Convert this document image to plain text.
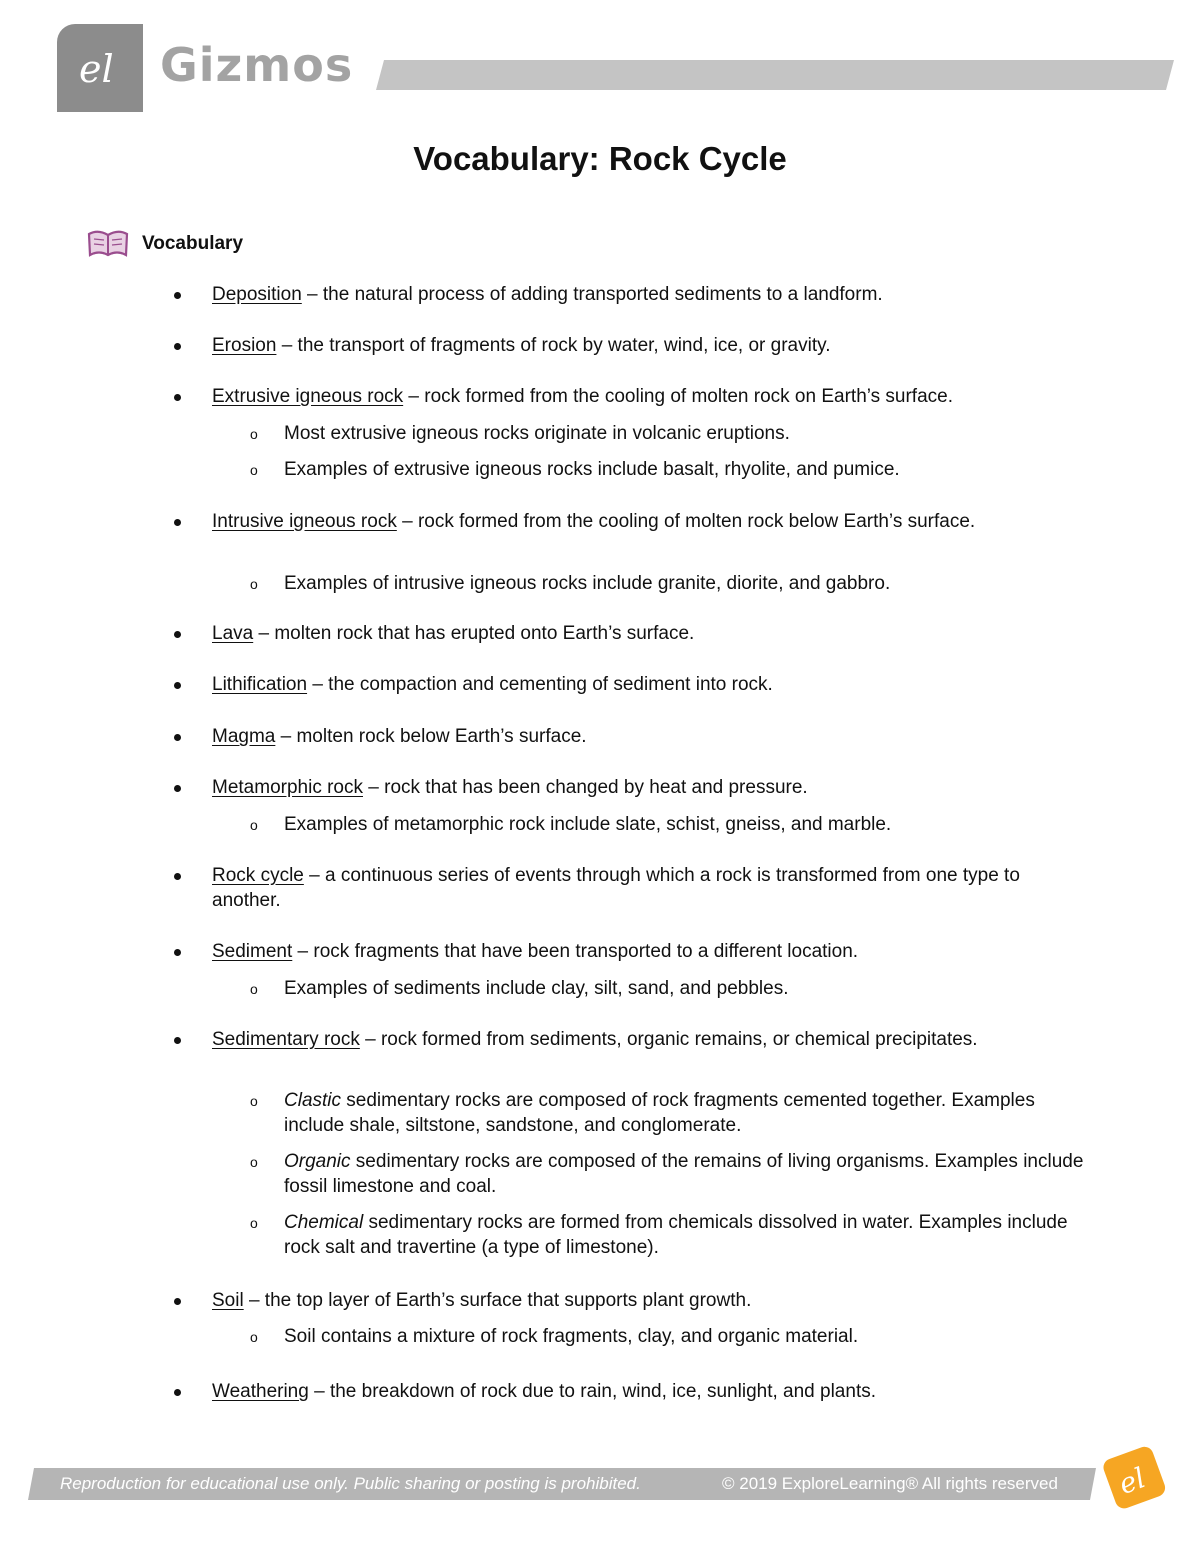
el Gizmos
Vocabulary: Rock Cycle
Vocabulary
Deposition – the natural process of adding transported sediments to a landform.
Erosion – the transport of fragments of rock by water, wind, ice, or gravity.
Extrusive igneous rock – rock formed from the cooling of molten rock on Earth’s surface.
o Most extrusive igneous rocks originate in volcanic eruptions.
o Examples of extrusive igneous rocks include basalt, rhyolite, and pumice.
Intrusive igneous rock – rock formed from the cooling of molten rock below Earth’s surface.
o Examples of intrusive igneous rocks include granite, diorite, and gabbro.
Lava – molten rock that has erupted onto Earth’s surface.
Lithification – the compaction and cementing of sediment into rock.
Magma – molten rock below Earth’s surface.
Metamorphic rock – rock that has been changed by heat and pressure.
o Examples of metamorphic rock include slate, schist, gneiss, and marble.
Rock cycle – a continuous series of events through which a rock is transformed from one type to another.
Sediment – rock fragments that have been transported to a different location.
o Examples of sediments include clay, silt, sand, and pebbles.
Sedimentary rock – rock formed from sediments, organic remains, or chemical precipitates.
o Clastic sedimentary rocks are composed of rock fragments cemented together. Examples include shale, siltstone, sandstone, and conglomerate.
o Organic sedimentary rocks are composed of the remains of living organisms. Examples include fossil limestone and coal.
o Chemical sedimentary rocks are formed from chemicals dissolved in water. Examples include rock salt and travertine (a type of limestone).
Soil – the top layer of Earth’s surface that supports plant growth.
o Soil contains a mixture of rock fragments, clay, and organic material.
Weathering – the breakdown of rock due to rain, wind, ice, sunlight, and plants.
Reproduction for educational use only. Public sharing or posting is prohibited.	© 2019 ExploreLearning® All rights reserved el
